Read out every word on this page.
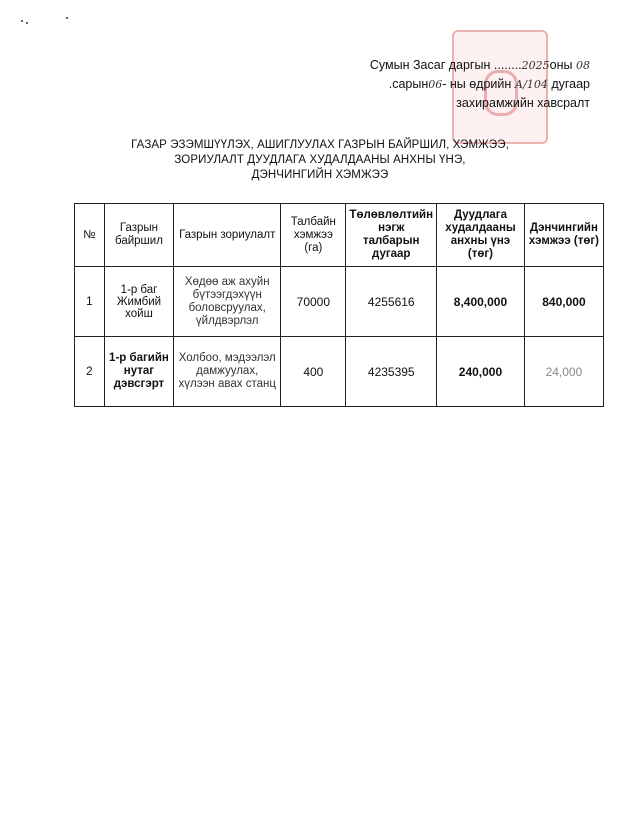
Сумын Засаг даргын ........2025оны 08
.сарын06- ны өдрийн А/104 дугаар
захирамжийн хавсралт
ГАЗАР ЭЗЭМШҮҮЛЭХ, АШИГЛУУЛАХ ГАЗРЫН БАЙРШИЛ, ХЭМЖЭЭ,
ЗОРИУЛАЛТ ДУУДЛАГА ХУДАЛДААНЫ АНХНЫ ҮНЭ,
ДЭНЧИНГИЙН ХЭМЖЭЭ
№	Газрын байршил	Газрын зориулалт	Талбайн хэмжээ (га)	Төлөвлөлтийн нэгж талбарын дугаар	Дуудлага худалдааны анхны үнэ (төг)	Дэнчингийн хэмжээ (төг)
1	1-р баг Жимбий хойш	Хөдөө аж ахуйн бүтээгдэхүүн боловсруулах, үйлдвэрлэл	70000	4255616	8,400,000	840,000
2	1-р багийн нутаг дэвсгэрт	Холбоо, мэдээлэл дамжуулах, хүлээн авах станц	400	4235395	240,000	24,000
